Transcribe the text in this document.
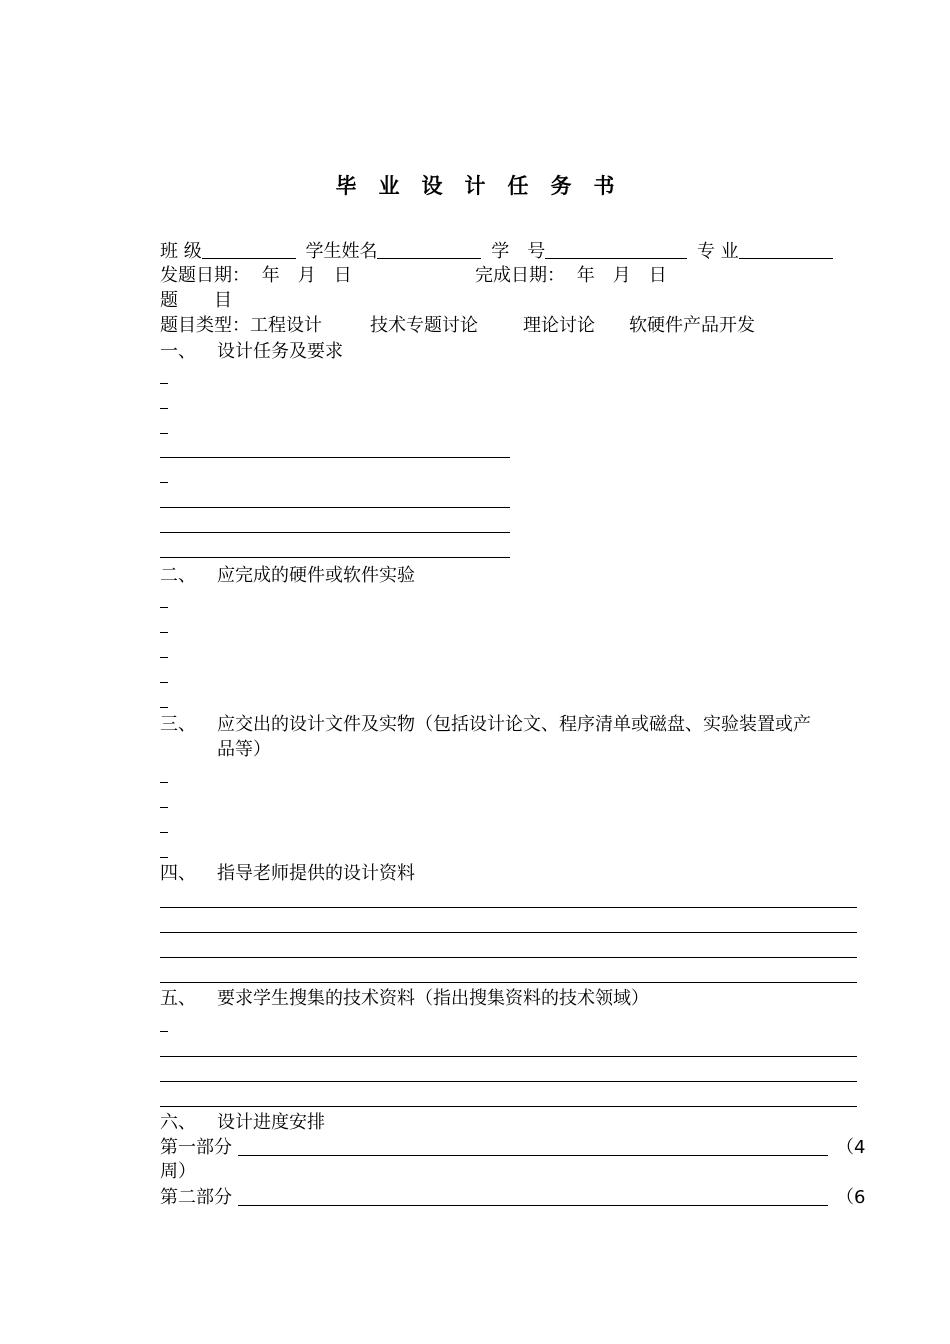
毕业设计任务书
班 级	学生姓名	学　号	专 业
发题日期： 年　月　日	完成日期： 年　月　日
题　　目
题目类型：工程设计	技术专题讨论	理论讨论 软硬件产品开发
一、 设计任务及要求
二、 应完成的硬件或软件实验
三、 应交出的设计文件及实物（包括设计论文、程序清单或磁盘、实验装置或产
品等）
四、 指导老师提供的设计资料
五、 要求学生搜集的技术资料（指出搜集资料的技术领域）
六、 设计进度安排
第一部分	（4
周）
第二部分	（6
